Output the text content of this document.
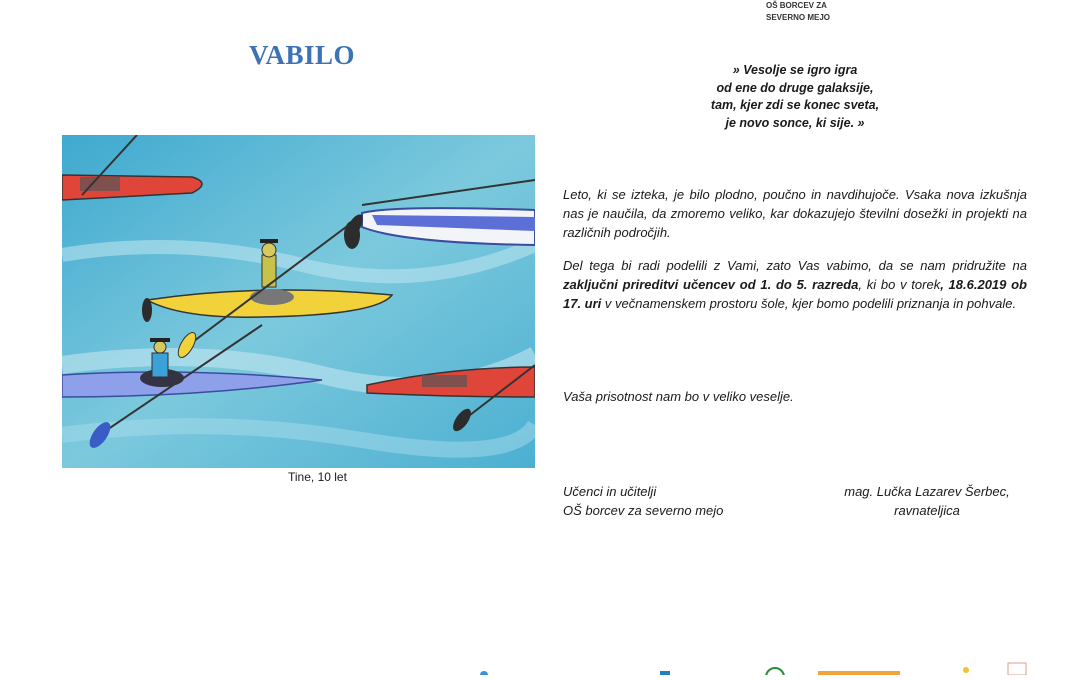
OŠ BORCEV ZA
SEVERNO MEJO
VABILO	» Vesolje se igro igra
od ene do druge galaksije,
tam, kjer zdi se konec sveta,
je novo sonce, ki sije. »
Tine, 10 let
Leto, ki se izteka, je bilo plodno, poučno in navdihujoče. Vsaka nova izkušnja nas je naučila, da zmoremo veliko, kar dokazujejo številni dosežki in projekti na različnih področjih.
Del tega bi radi podelili z Vami, zato Vas vabimo, da se nam pridružite na zaključni prireditvi učencev od 1. do 5. razreda, ki bo v torek, 18.6.2019 ob 17. uri v večnamenskem prostoru šole, kjer bomo podelili priznanja in pohvale.
Vaša prisotnost nam bo v veliko veselje.
Učenci in učitelji
OŠ borcev za severno mejo
mag. Lučka Lazarev Šerbec,
ravnateljica
